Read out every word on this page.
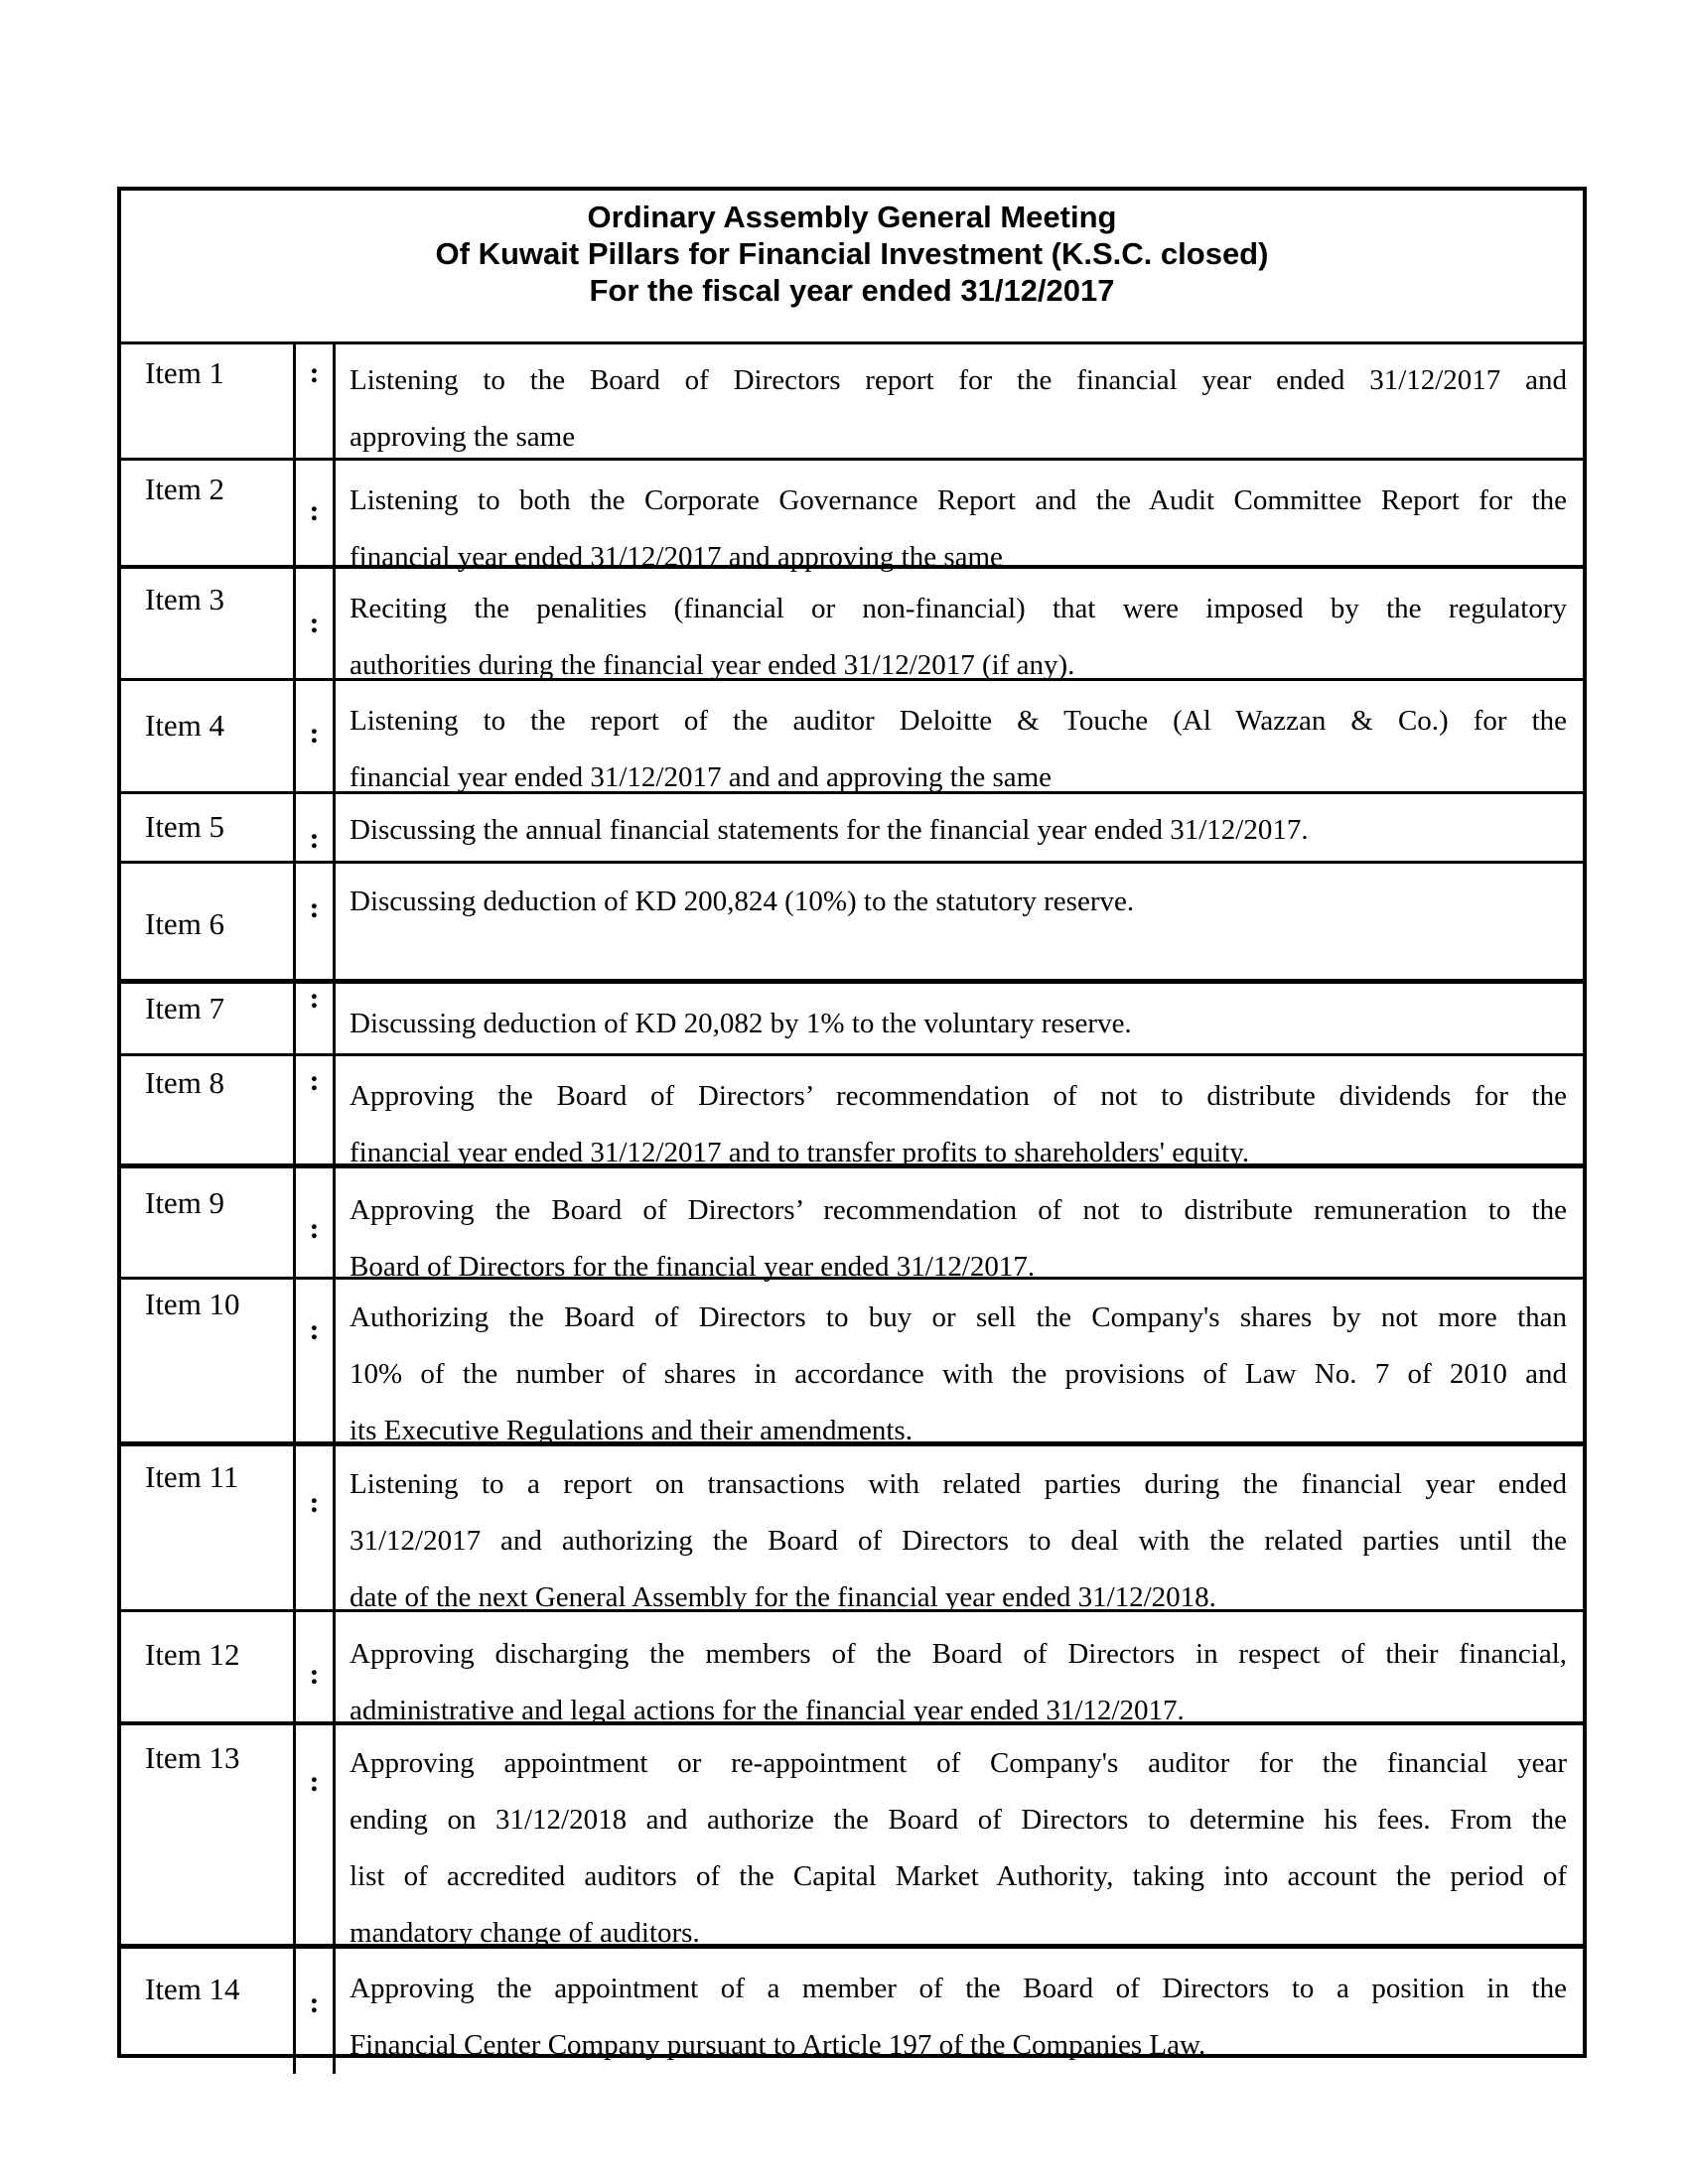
Ordinary Assembly General Meeting
Of Kuwait Pillars for Financial Investment (K.S.C. closed)
For the fiscal year ended 31/12/2017
Item 1	:	Listening to the Board of Directors report for the financial year ended 31/12/2017 and
approving the same
Item 2
:	Listening to both the Corporate Governance Report and the Audit Committee Report for the
financial year ended 31/12/2017 and approving the same
Item 3
:	Reciting the penalities (financial or non-financial) that were imposed by the regulatory
authorities during the financial year ended 31/12/2017 (if any).
Item 4	:	Listening to the report of the auditor Deloitte & Touche (Al Wazzan & Co.) for the
financial year ended 31/12/2017 and and approving the same
Item 5	:	Discussing the annual financial statements for the financial year ended 31/12/2017.
Item 6	:	Discussing deduction of KD 200,824 (10%) to the statutory reserve.
Item 7	:
Discussing deduction of KD 20,082 by 1% to the voluntary reserve.
Item 8	:	Approving the Board of Directors’ recommendation of not to distribute dividends for the
financial year ended 31/12/2017 and to transfer profits to shareholders' equity.
Item 9
:
Approving the Board of Directors’ recommendation of not to distribute remuneration to the
Board of Directors for the financial year ended 31/12/2017.
Item 10
:	Authorizing the Board of Directors to buy or sell the Company's shares by not more than
10% of the number of shares in accordance with the provisions of Law No. 7 of 2010 and
its Executive Regulations and their amendments.
Item 11
:
Listening to a report on transactions with related parties during the financial year ended
31/12/2017 and authorizing the Board of Directors to deal with the related parties until the
date of the next General Assembly for the financial year ended 31/12/2018.
Item 12
:
Approving discharging the members of the Board of Directors in respect of their financial,
administrative and legal actions for the financial year ended 31/12/2017.
Item 13
:
Approving appointment or re-appointment of Company's auditor for the financial year
ending on 31/12/2018 and authorize the Board of Directors to determine his fees. From the
list of accredited auditors of the Capital Market Authority, taking into account the period of
mandatory change of auditors.
Item 14	:	Approving the appointment of a member of the Board of Directors to a position in the
Financial Center Company pursuant to Article 197 of the Companies Law.
